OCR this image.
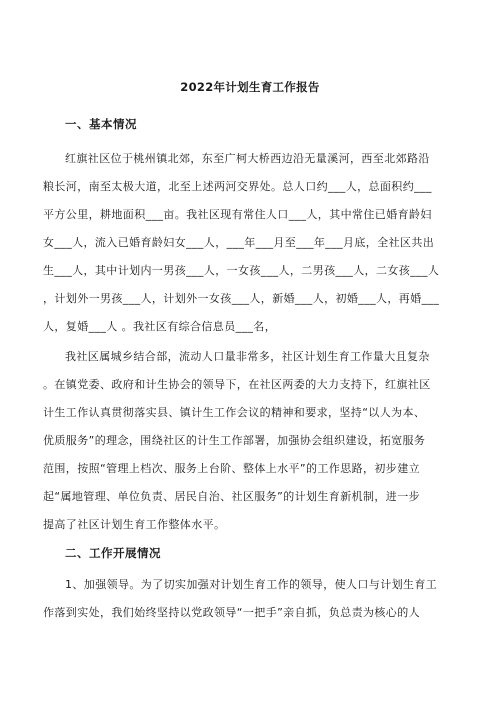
2022年计划生育工作报告
一、基本情况
红旗社区位于桃州镇北郊，东至广柯大桥西边沿无量溪河，西至北郊路沿
粮长河，南至太极大道，北至上述两河交界处。总人口约___人，总面积约___
平方公里，耕地面积___亩。我社区现有常住人口___人，其中常住已婚育龄妇
女___人，流入已婚育龄妇女___人，___年___月至___年___月底，全社区共出
生___人，其中计划内一男孩___人，一女孩___人，二男孩___人，二女孩___人
，计划外一男孩___人，计划外一女孩___人，新婚___人，初婚___人，再婚___
人，复婚___人 。我社区有综合信息员___名，
我社区属城乡结合部，流动人口量非常多，社区计划生育工作量大且复杂
。在镇党委、政府和计生协会的领导下，在社区两委的大力支持下，红旗社区
计生工作认真贯彻落实县、镇计生工作会议的精神和要求，坚持“以人为本、
优质服务”的理念，围绕社区的计生工作部署，加强协会组织建设，拓宽服务
范围，按照“管理上档次、服务上台阶、整体上水平”的工作思路，初步建立
起“属地管理、单位负责、居民自治、社区服务”的计划生育新机制，进一步
提高了社区计划生育工作整体水平。
二、工作开展情况
1、加强领导。为了切实加强对计划生育工作的领导，使人口与计划生育工
作落到实处，我们始终坚持以党政领导“一把手”亲自抓，负总责为核心的人
